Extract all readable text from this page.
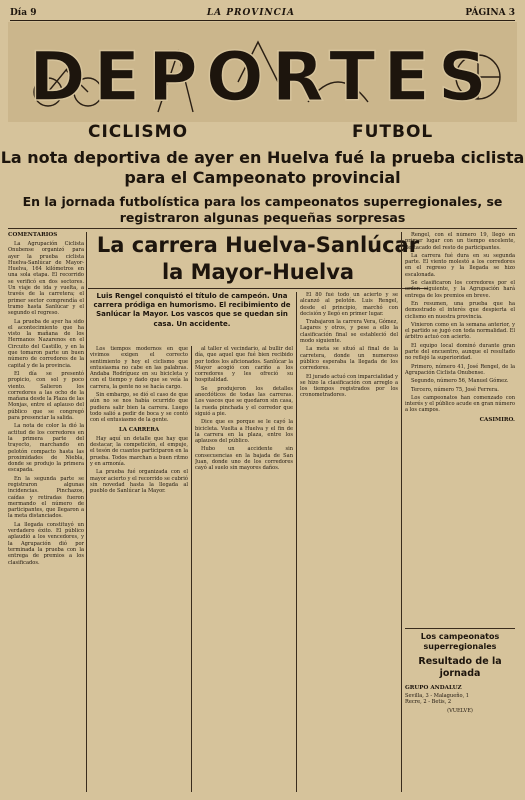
Día 9	LA PROVINCIA	PÁGINA 3
DEPORTES
CICLISMO	FUTBOL
La nota deportiva de ayer en Huelva fué la prueba ciclista para el Campeonato provincial
En la jornada futbolística para los campeonatos superregionales, se registraron algunas pequeñas sorpresas
COMENTARIOS

La Agrupación Ciclista Onubense organizó para ayer la prueba ciclista Huelva-Sanlúcar de Mayor-Huelva, 164 kilómetros en una sola etapa. El recorrido se verificó en dos sectores. Un viaje de ida y vuelta, a través de la carretera; el primer sector comprendía el tramo hasta Sanlúcar y el segundo el regreso.

La prueba de ayer ha sido el acontecimiento que ha visto la mañana de los Hermanos Nazarenos en el Circuito del Castillo, y en la que tomaron parte un buen número de corredores de la capital y de la provincia.

El día se presentó propicio, con sol y poco viento. Salieron los corredores a las ocho de la mañana desde la Plaza de las Monjas, entre el aplauso del público que se congregó para presenciar la salida.

La nota de color la dió la actitud de los corredores en la primera parte del trayecto, marchando en pelotón compacto hasta las proximidades de Niebla, donde se produjo la primera escapada.

En la segunda parte se registraron algunas incidencias. Pinchazos, caídas y retiradas fueron mermando el número de participantes, que llegaron a la meta distanciados.

La llegada constituyó un verdadero éxito. El público aplaudió a los vencedores, y la Agrupación dió por terminada la prueba con la entrega de premios a los clasificados.

La carrera Huelva-Sanlúcar la Mayor-Huelva
Luis Rengel conquistó el título de campeón. Una carrera pródiga en humorismo. El recibimiento de Sanlúcar la Mayor. Los vascos que se quedan sin casa. Un accidente.

Los tiempos modernos en que vivimos exigen el correcto sentimiento y hoy el ciclismo que entusiasma no cabe en las palabras. Andaba Rodríguez en su bicicleta y con el tiempo y dado que se veía la carrera, la gente no se hacía cargo.

Sin embargo, se dió el caso de que aún no se nos había ocurrido que pudiera salir bien la carrera. Luego todo salió a pedir de boca y se contó con el entusiasmo de la gente.

LA CARRERA

Hay aquí un detalle que hay que destacar, la competición, el empuje, el tesón de cuantos participaron en la prueba. Todos marchan a buen ritmo y en armonía.

La prueba fué organizada con el mayor acierto y el recorrido se cubrió sin novedad hasta la llegada al pueblo de Sanlúcar la Mayor.

al taller el vecindario, al bullir del día, que aquel que fué bien recibido por todos los aficionados. Sanlúcar la Mayor acogió con cariño a los corredores y les ofreció su hospitalidad.

Se produjeron los detalles anecdóticos de todas las carreras. Los vascos que se quedaron sin casa, la rueda pinchada y el corredor que siguió a pie.

Dice que es porque se le cayó la bicicleta. Vuelta a Huelva y el fin de la carrera en la plaza, entre los aplausos del público.

Hubo un accidente sin consecuencias en la bajada de San Juan, donde uno de los corredores cayó al suelo sin mayores daños.

Él 80 fué todo un acierto y se alcanzó al pelotón. Luis Rengel, desde el principio, marchó con decisión y llegó en primer lugar.

Trabajaron la carrera Vera, Gómez, Lagares y otros, y pese a ello la clasificación final se estableció del modo siguiente.

La meta se situó al final de la carretera, donde un numeroso público esperaba la llegada de los corredores.

El jurado actuó con imparcialidad y se hizo la clasificación con arreglo a los tiempos registrados por los cronometradores.

Rengel, con el número 19, llegó en primer lugar con un tiempo excelente, destacado del resto de participantes.

La carrera fué dura en su segunda parte. El viento molestó a los corredores en el regreso y la llegada se hizo escalonada.

Se clasificaron los corredores por el orden siguiente, y la Agrupación hará entrega de los premios en breve.

En resumen, una prueba que ha demostrado el interés que despierta el ciclismo en nuestra provincia.

Vinieron como en la semana anterior, y el partido se jugó con toda normalidad. El árbitro actuó con acierto.

El equipo local dominó durante gran parte del encuentro, aunque el resultado no reflejó la superioridad.

Primero, número 41, José Rengel, de la Agrupación Ciclista Onubense.

Segundo, número 56, Manuel Gómez.

Tercero, número 75, José Ferrera.

Los campeonatos han comenzado con interés y el público acude en gran número a los campos.

CASIMIRO.
Los campeonatos superregionales
Resultado de la jornada
GRUPO ANDALUZ
Sevilla, 3 - Malagueño, 1
Recre, 2 - Betis, 2
(VUELVE)
